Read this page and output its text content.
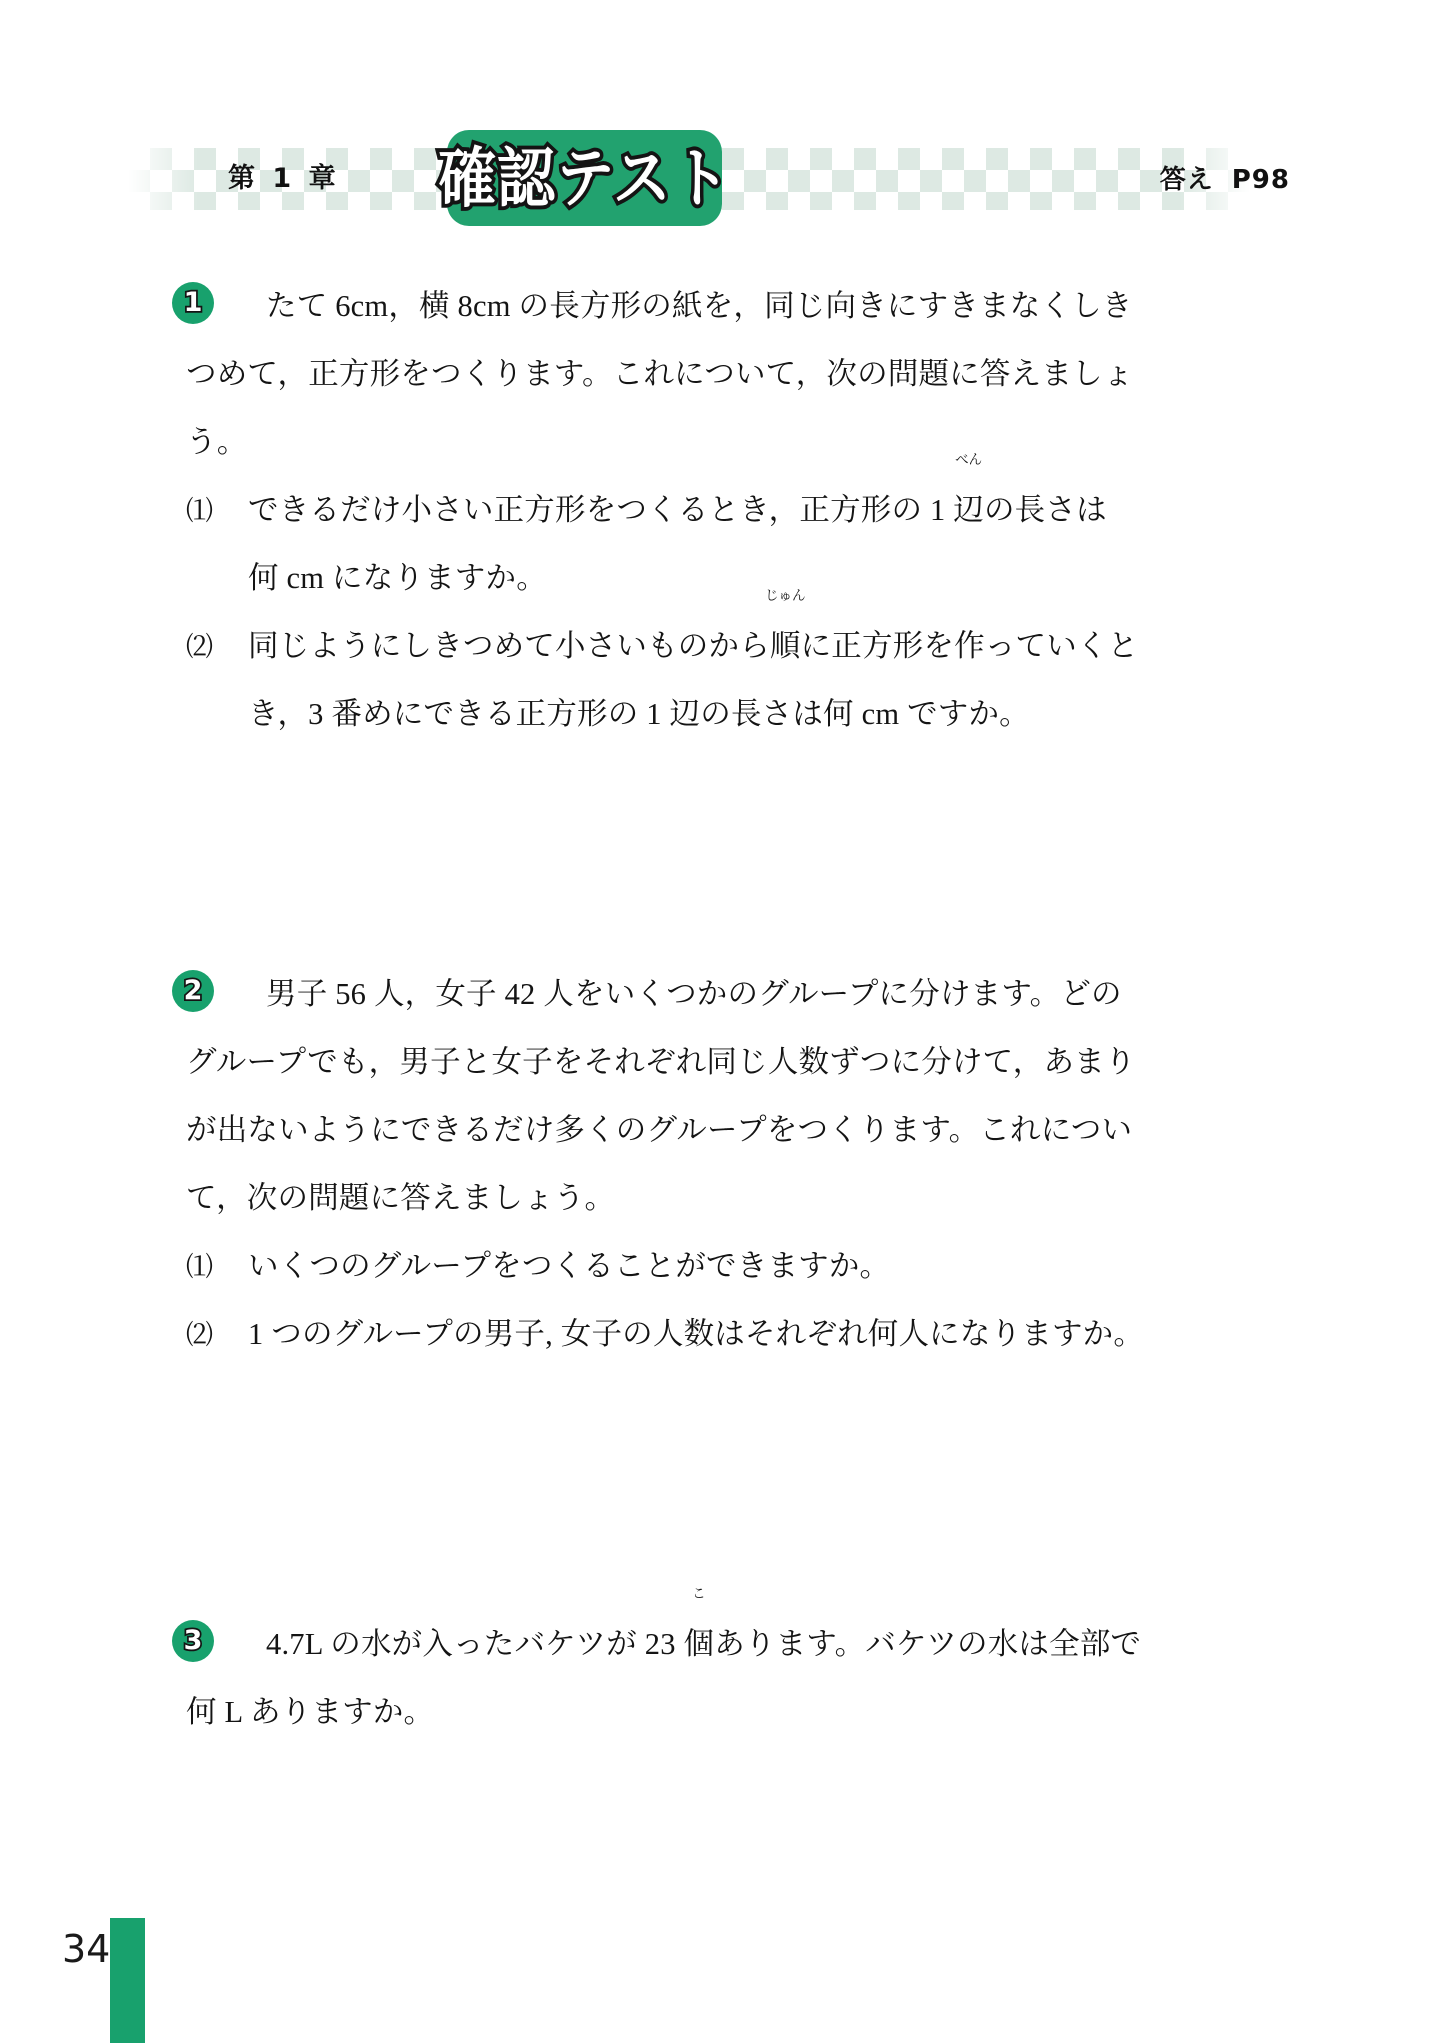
第 1 章	答え P98
確認テスト
1	たて 6cm，横 8cm の長方形の紙を，同じ向きにすきまなくしき
つめて，正方形をつくります。これについて，次の問題に答えましょ
う。
⑴ できるだけ小さい正方形をつくるとき，正方形の 1
べん
辺の長さは
何 cm になりますか。
⑵ 同じようにしきつめて小さいものから
じゅん
順に正方形を作っていくと
き，3 番めにできる正方形の 1 辺の長さは何 cm ですか。
2	男子 56 人，女子 42 人をいくつかのグループに分けます。どの
グループでも，男子と女子をそれぞれ同じ人数ずつに分けて，あまり
が出ないようにできるだけ多くのグループをつくります。これについ
て，次の問題に答えましょう。
⑴ いくつのグループをつくることができますか。
⑵ 1 つのグループの男子, 女子の人数はそれぞれ何人になりますか。
3	4.7L の水が入ったバケツが 23
こ
個あります。バケツの水は全部で
何 L ありますか。
34
